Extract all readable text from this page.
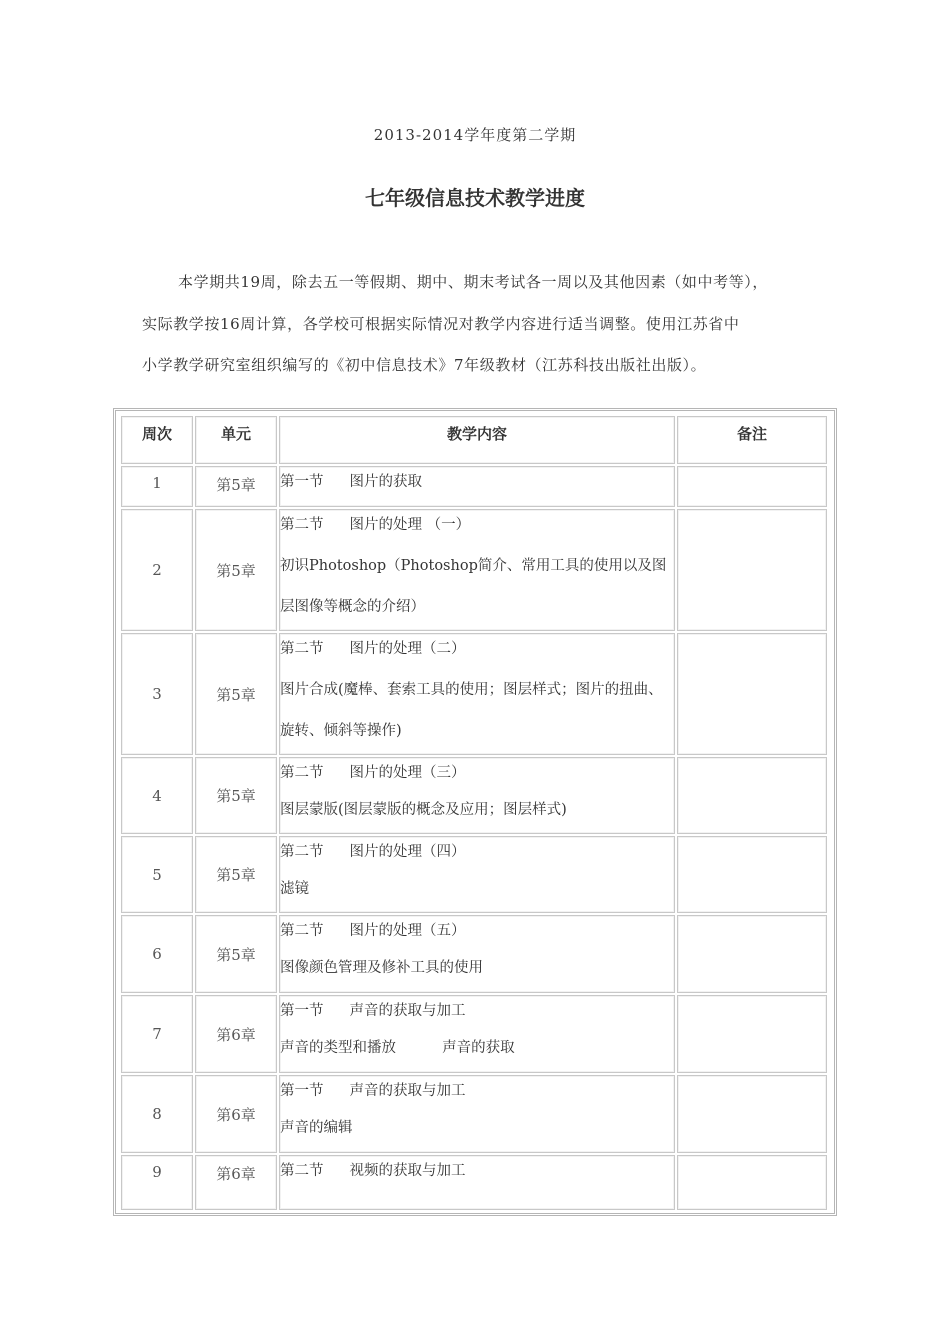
2013-2014学年度第二学期
七年级信息技术教学进度

本学期共19周，除去五一等假期、期中、期末考试各一周以及其他因素（如中考等），

实际教学按16周计算，各学校可根据实际情况对教学内容进行适当调整。使用江苏省中

小学教学研究室组织编写的《初中信息技术》7年级教材（江苏科技出版社出版）。

周次	单元	教学内容	备注
1	第5章	第一节 图片的获取	

2	第5章	第二节 图片的处理 （一）
初识Photoshop（Photoshop简介、常用工具的使用以及图
层图像等概念的介绍）	

3	第5章	第二节 图片的处理（二）
图片合成(魔棒、套索工具的使用；图层样式；图片的扭曲、
旋转、倾斜等操作)	

4	第5章	第二节 图片的处理（三）
图层蒙版(图层蒙版的概念及应用；图层样式)	

5	第5章	第二节 图片的处理（四）
滤镜	

6	第5章	第二节 图片的处理（五）
图像颜色管理及修补工具的使用	

7	第6章	第一节 声音的获取与加工
声音的类型和播放          声音的获取	

8	第6章	第一节 声音的获取与加工
声音的编辑	

9	第6章	第二节 视频的获取与加工	
